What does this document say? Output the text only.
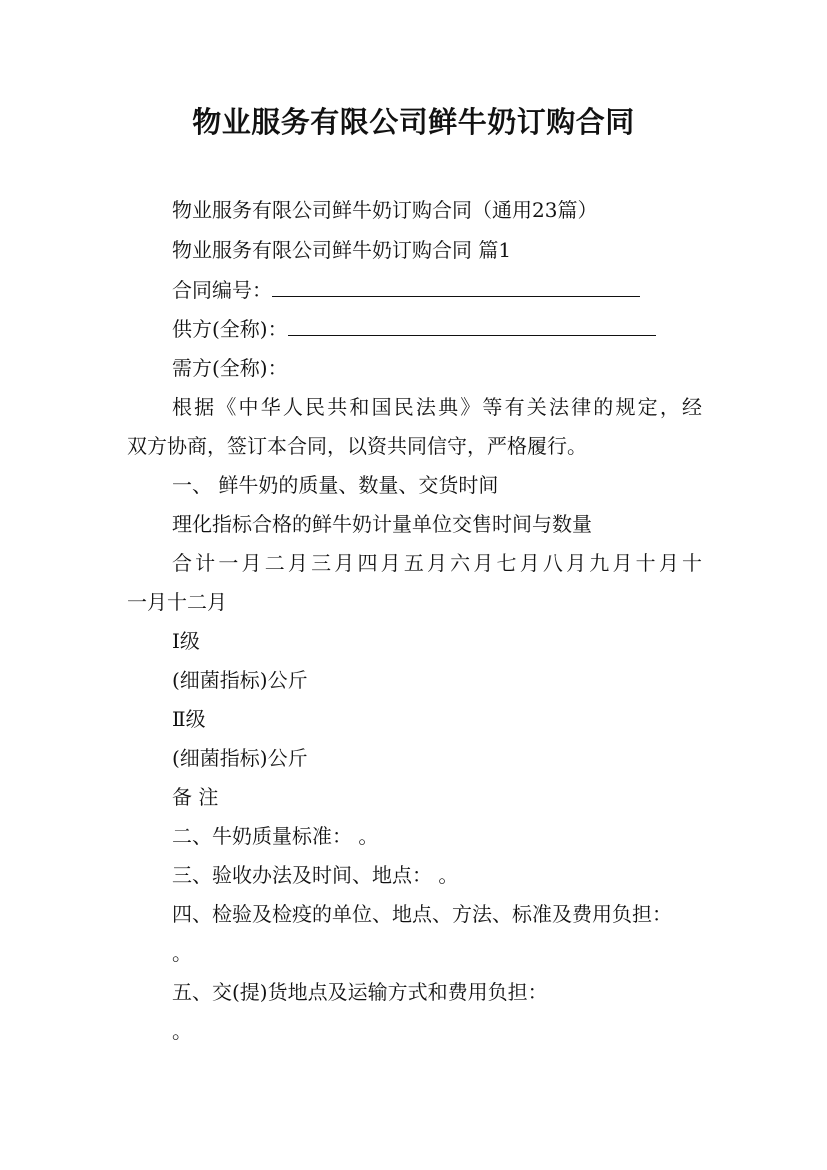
物业服务有限公司鲜牛奶订购合同
物业服务有限公司鲜牛奶订购合同（通用23篇）
物业服务有限公司鲜牛奶订购合同 篇1
合同编号：
供方(全称)：
需方(全称)：
根据《中华人民共和国民法典》等有关法律的规定，经
双方协商，签订本合同，以资共同信守，严格履行。
一、 鲜牛奶的质量、数量、交货时间
理化指标合格的鲜牛奶计量单位交售时间与数量
合计一月二月三月四月五月六月七月八月九月十月十
一月十二月
Ⅰ级
(细菌指标)公斤
Ⅱ级
(细菌指标)公斤
备 注
二、牛奶质量标准： 。
三、验收办法及时间、地点： 。
四、检验及检疫的单位、地点、方法、标准及费用负担：
。
五、交(提)货地点及运输方式和费用负担：
。
